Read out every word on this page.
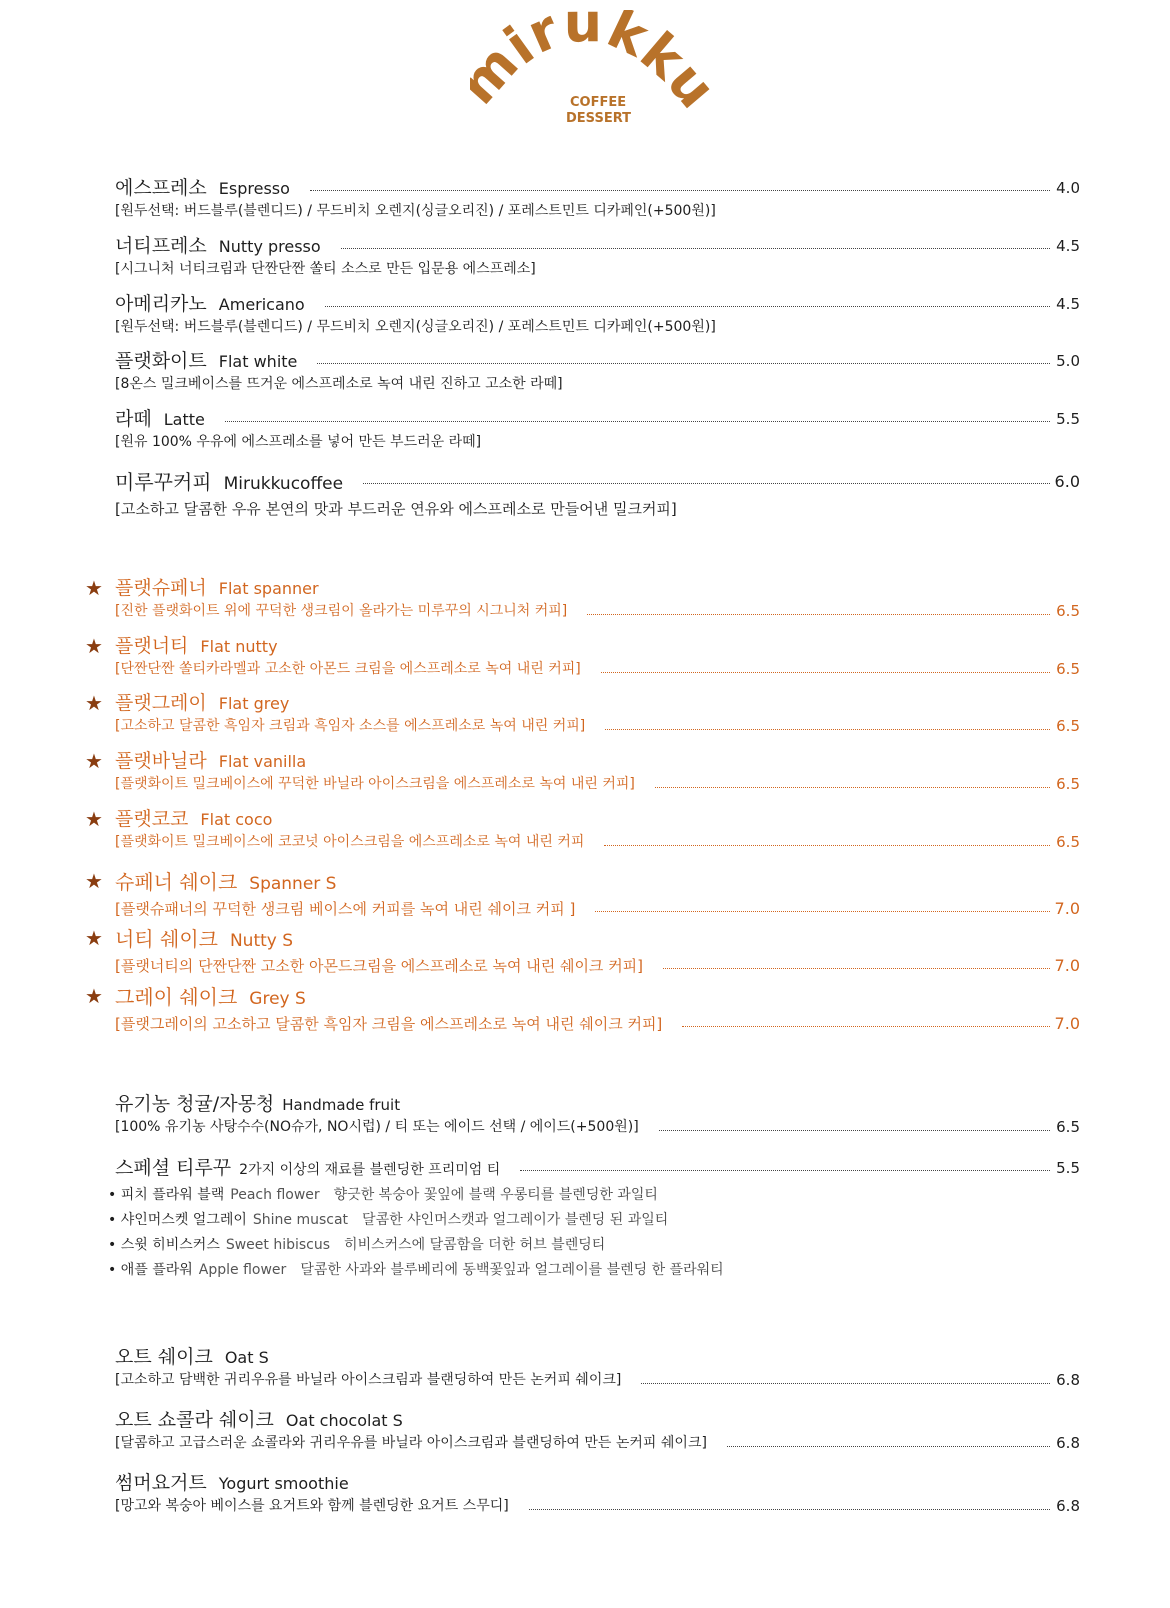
irukk
COFFEE
DESSERT
에스프레소 Espresso	4.0
[원두선택: 버드블루(블렌디드) / 무드비치 오렌지(싱글오리진) / 포레스트민트 디카페인(+500원)]
너티프레소 Nutty presso	4.5
[시그니처 너티크림과 단짠단짠 쏠티 소스로 만든 입문용 에스프레소]
아메리카노 Americano	4.5
[원두선택: 버드블루(블렌디드) / 무드비치 오렌지(싱글오리진) / 포레스트민트 디카페인(+500원)]
플랫화이트 Flat white	5.0
[8온스 밀크베이스를 뜨거운 에스프레소로 녹여 내린 진하고 고소한 라떼]
라떼 Latte	5.5
[원유 100% 우유에 에스프레소를 넣어 만든 부드러운 라떼]
미루꾸커피 Mirukkucoffee	6.0
[고소하고 달콤한 우유 본연의 맛과 부드러운 연유와 에스프레소로 만들어낸 밀크커피]
★ 플랫슈페너 Flat spanner
[진한 플랫화이트 위에 꾸덕한 생크림이 올라가는 미루꾸의 시그니처 커피]	6.5
★ 플랫너티 Flat nutty
[단짠단짠 쏠티카라멜과 고소한 아몬드 크림을 에스프레소로 녹여 내린 커피]	6.5
★ 플랫그레이 Flat grey
[고소하고 달콤한 흑임자 크림과 흑임자 소스를 에스프레소로 녹여 내린 커피]	6.5
★ 플랫바닐라 Flat vanilla
[플랫화이트 밀크베이스에 꾸덕한 바닐라 아이스크림을 에스프레소로 녹여 내린 커피]	6.5
★ 플랫코코 Flat coco
[플랫화이트 밀크베이스에 코코넛 아이스크림을 에스프레소로 녹여 내린 커피	6.5
★ 슈페너 쉐이크 Spanner S
[플랫슈패너의 꾸덕한 생크림 베이스에 커피를 녹여 내린 쉐이크 커피 ]	7.0
★ 너티 쉐이크 Nutty S
[플랫너티의 단짠단짠 고소한 아몬드크림을 에스프레소로 녹여 내린 쉐이크 커피]	7.0
★ 그레이 쉐이크 Grey S
[플랫그레이의 고소하고 달콤한 흑임자 크림을 에스프레소로 녹여 내린 쉐이크 커피]	7.0
유기농 청귤/자몽청 Handmade fruit
[100% 유기농 사탕수수(NO슈가, NO시럽) / 티 또는 에이드 선택 / 에이드(+500원)]	6.5
스페셜 티루꾸 2가지 이상의 재료를 블렌딩한 프리미엄 티	5.5
• 피치 플라워 블랙 Peach flower 향긋한 복숭아 꽃잎에 블랙 우롱티를 블렌딩한 과일티
• 샤인머스켓 얼그레이 Shine muscat 달콤한 샤인머스캣과 얼그레이가 블렌딩 된 과일티
• 스윗 히비스커스 Sweet hibiscus 히비스커스에 달콤함을 더한 허브 블렌딩티
• 애플 플라워 Apple flower 달콤한 사과와 블루베리에 동백꽃잎과 얼그레이를 블렌딩 한 플라워티
오트 쉐이크 Oat S
[고소하고 담백한 귀리우유를 바닐라 아이스크림과 블랜딩하여 만든 논커피 쉐이크]	6.8
오트 쇼콜라 쉐이크 Oat chocolat S
[달콤하고 고급스러운 쇼콜라와 귀리우유를 바닐라 아이스크림과 블랜딩하여 만든 논커피 쉐이크]	6.8
썸머요거트 Yogurt smoothie
[망고와 복숭아 베이스를 요거트와 함께 블렌딩한 요거트 스무디]	6.8
